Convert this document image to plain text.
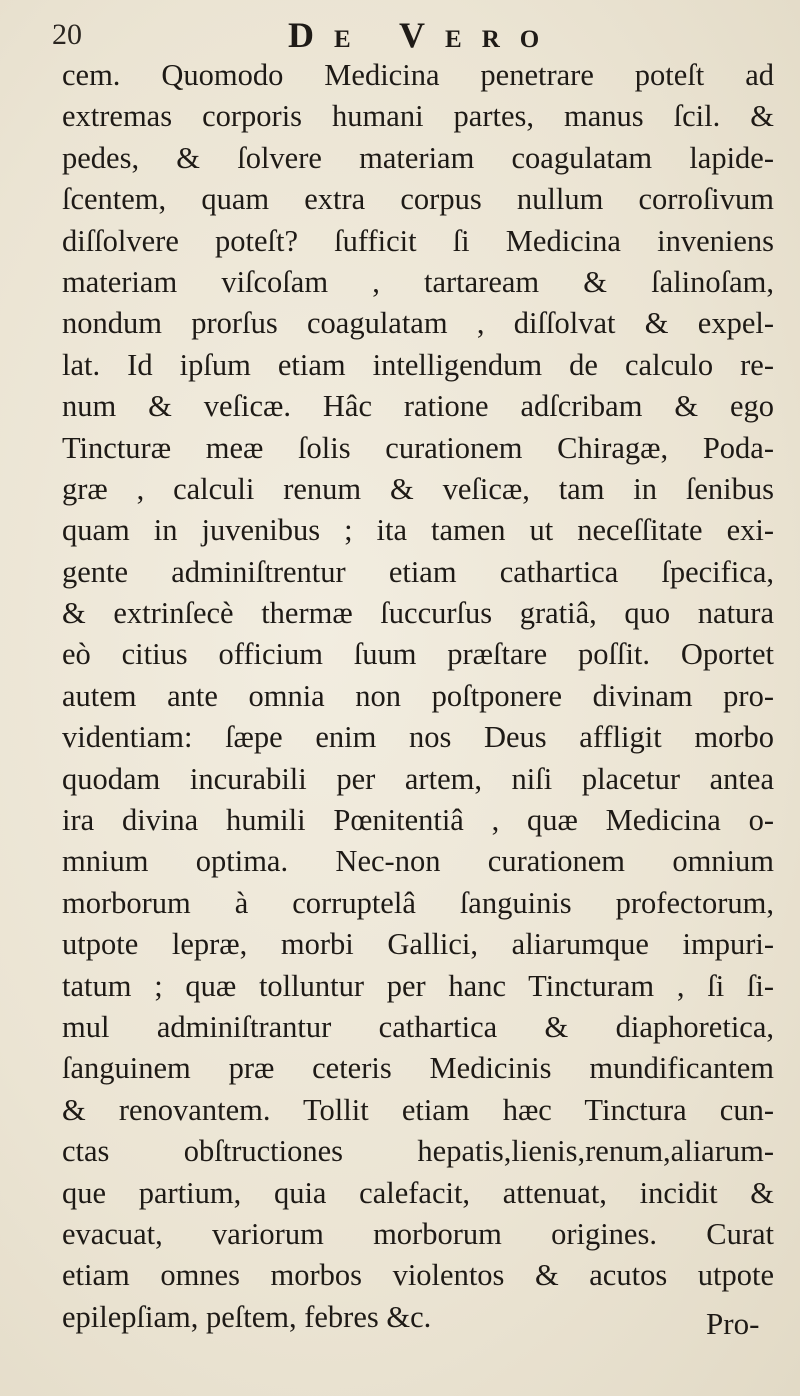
20	De Vero
cem. Quomodo Medicina penetrare poteſt ad
extremas corporis humani partes, manus ſcil. &
pedes, & ſolvere materiam coagulatam lapide-
ſcentem, quam extra corpus nullum corroſivum
diſſolvere poteſt? ſufficit ſi Medicina inveniens
materiam viſcoſam , tartaream & ſalinoſam,
nondum prorſus coagulatam , diſſolvat & expel-
lat. Id ipſum etiam intelligendum de calculo re-
num & veſicæ. Hâc ratione adſcribam & ego
Tincturæ meæ ſolis curationem Chiragæ, Poda-
græ , calculi renum & veſicæ, tam in ſenibus
quam in juvenibus ; ita tamen ut neceſſitate exi-
gente adminiſtrentur etiam cathartica ſpecifica,
& extrinſecè thermæ ſuccurſus gratiâ, quo natura
eò citius officium ſuum præſtare poſſit. Oportet
autem ante omnia non poſtponere divinam pro-
videntiam: ſæpe enim nos Deus affligit morbo
quodam incurabili per artem, niſi placetur antea
ira divina humili Pœnitentiâ , quæ Medicina o-
mnium optima. Nec-non curationem omnium
morborum à corruptelâ ſanguinis profectorum,
utpote lepræ, morbi Gallici, aliarumque impuri-
tatum ; quæ tolluntur per hanc Tincturam , ſi ſi-
mul adminiſtrantur cathartica & diaphoretica,
ſanguinem præ ceteris Medicinis mundificantem
& renovantem. Tollit etiam hæc Tinctura cun-
ctas obſtructiones hepatis,lienis,renum,aliarum-
que partium, quia calefacit, attenuat, incidit &
evacuat, variorum morborum origines. Curat
etiam omnes morbos violentos & acutos utpote
epilepſiam, peſtem, febres &c.	Pro-
